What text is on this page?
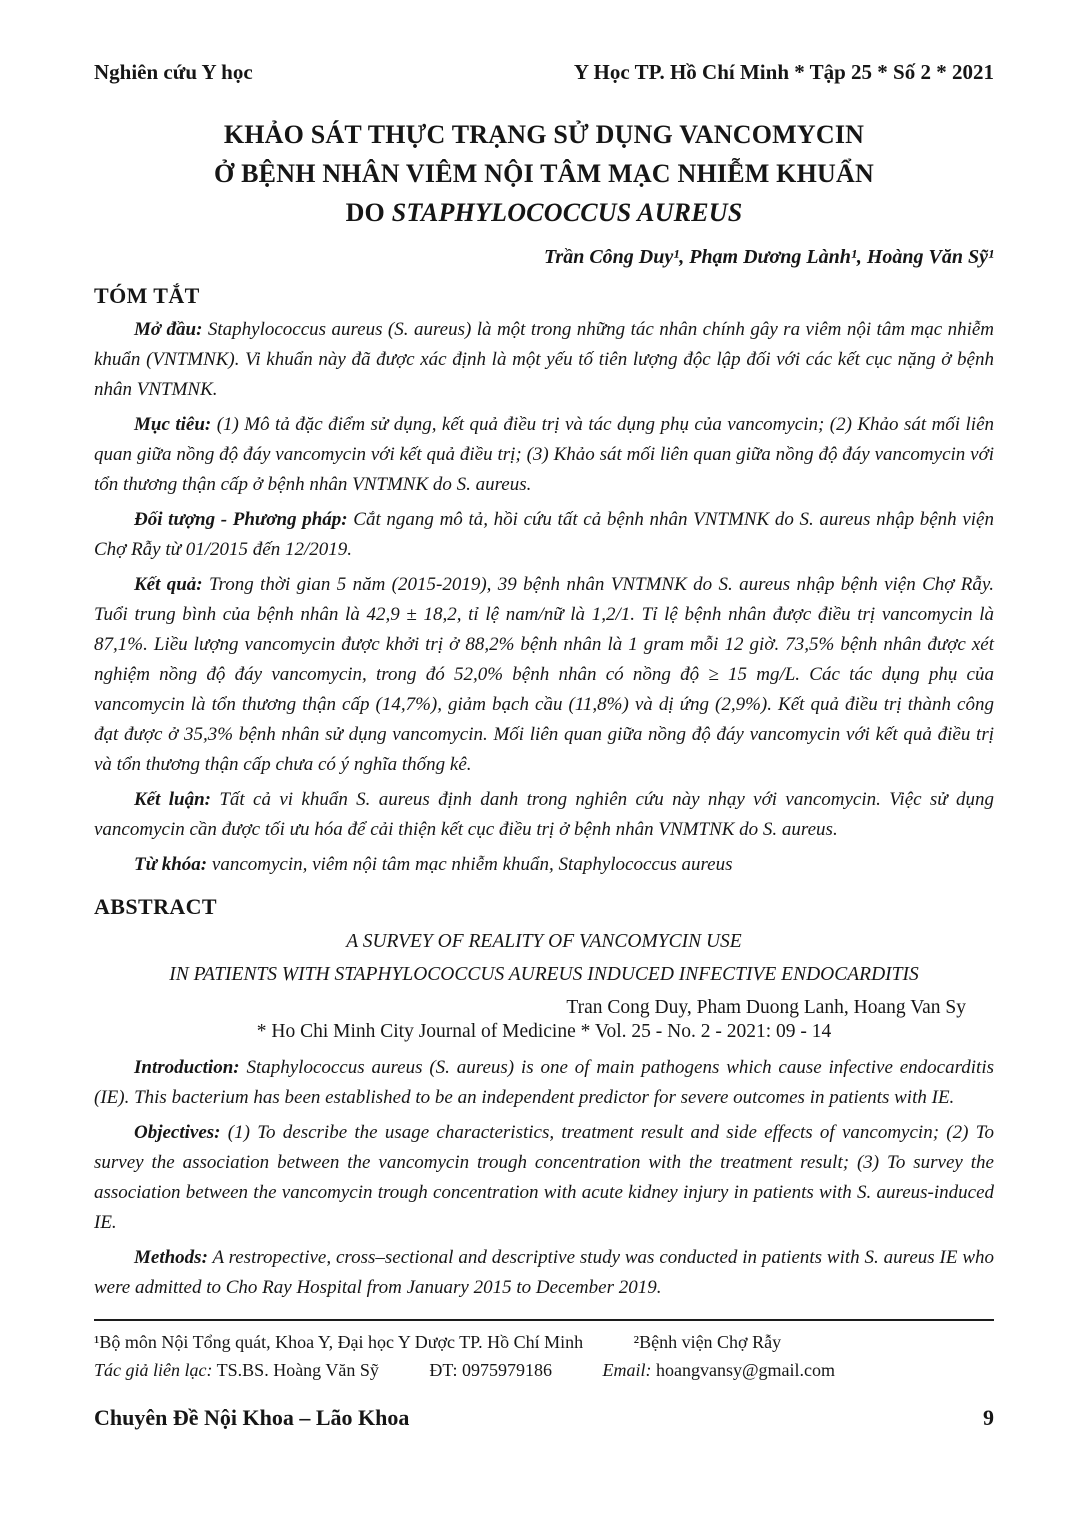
Nghiên cứu Y học	Y Học TP. Hồ Chí Minh * Tập 25 * Số 2 * 2021
KHẢO SÁT THỰC TRẠNG SỬ DỤNG VANCOMYCIN
Ở BỆNH NHÂN VIÊM NỘI TÂM MẠC NHIỄM KHUẨN
DO STAPHYLOCOCCUS AUREUS

Trần Công Duy¹, Phạm Dương Lành¹, Hoàng Văn Sỹ¹

TÓM TẮT

Mở đầu: Staphylococcus aureus (S. aureus) là một trong những tác nhân chính gây ra viêm nội tâm mạc nhiễm khuẩn (VNTMNK). Vi khuẩn này đã được xác định là một yếu tố tiên lượng độc lập đối với các kết cục nặng ở bệnh nhân VNTMNK.

Mục tiêu: (1) Mô tả đặc điểm sử dụng, kết quả điều trị và tác dụng phụ của vancomycin; (2) Khảo sát mối liên quan giữa nồng độ đáy vancomycin với kết quả điều trị; (3) Khảo sát mối liên quan giữa nồng độ đáy vancomycin với tổn thương thận cấp ở bệnh nhân VNTMNK do S. aureus.

Đối tượng - Phương pháp: Cắt ngang mô tả, hồi cứu tất cả bệnh nhân VNTMNK do S. aureus nhập bệnh viện Chợ Rẫy từ 01/2015 đến 12/2019.

Kết quả: Trong thời gian 5 năm (2015-2019), 39 bệnh nhân VNTMNK do S. aureus nhập bệnh viện Chợ Rẫy. Tuổi trung bình của bệnh nhân là 42,9 ± 18,2, tỉ lệ nam/nữ là 1,2/1. Tỉ lệ bệnh nhân được điều trị vancomycin là 87,1%. Liều lượng vancomycin được khởi trị ở 88,2% bệnh nhân là 1 gram mỗi 12 giờ. 73,5% bệnh nhân được xét nghiệm nồng độ đáy vancomycin, trong đó 52,0% bệnh nhân có nồng độ ≥ 15 mg/L. Các tác dụng phụ của vancomycin là tổn thương thận cấp (14,7%), giảm bạch cầu (11,8%) và dị ứng (2,9%). Kết quả điều trị thành công đạt được ở 35,3% bệnh nhân sử dụng vancomycin. Mối liên quan giữa nồng độ đáy vancomycin với kết quả điều trị và tổn thương thận cấp chưa có ý nghĩa thống kê.

Kết luận: Tất cả vi khuẩn S. aureus định danh trong nghiên cứu này nhạy với vancomycin. Việc sử dụng vancomycin cần được tối ưu hóa để cải thiện kết cục điều trị ở bệnh nhân VNMTNK do S. aureus.

Từ khóa: vancomycin, viêm nội tâm mạc nhiễm khuẩn, Staphylococcus aureus

ABSTRACT
A SURVEY OF REALITY OF VANCOMYCIN USE
IN PATIENTS WITH STAPHYLOCOCCUS AUREUS INDUCED INFECTIVE ENDOCARDITIS

Tran Cong Duy, Pham Duong Lanh, Hoang Van Sy

* Ho Chi Minh City Journal of Medicine * Vol. 25 - No. 2 - 2021: 09 - 14

Introduction: Staphylococcus aureus (S. aureus) is one of main pathogens which cause infective endocarditis (IE). This bacterium has been established to be an independent predictor for severe outcomes in patients with IE.

Objectives: (1) To describe the usage characteristics, treatment result and side effects of vancomycin; (2) To survey the association between the vancomycin trough concentration with the treatment result; (3) To survey the association between the vancomycin trough concentration with acute kidney injury in patients with S. aureus-induced IE.

Methods: A restropective, cross–sectional and descriptive study was conducted in patients with S. aureus IE who were admitted to Cho Ray Hospital from January 2015 to December 2019.

¹Bộ môn Nội Tổng quát, Khoa Y, Đại học Y Dược TP. Hồ Chí Minh	²Bệnh viện Chợ Rẫy
Tác giả liên lạc: TS.BS. Hoàng Văn Sỹ	ĐT: 0975979186	Email: hoangvansy@gmail.com
Chuyên Đề Nội Khoa – Lão Khoa	9
